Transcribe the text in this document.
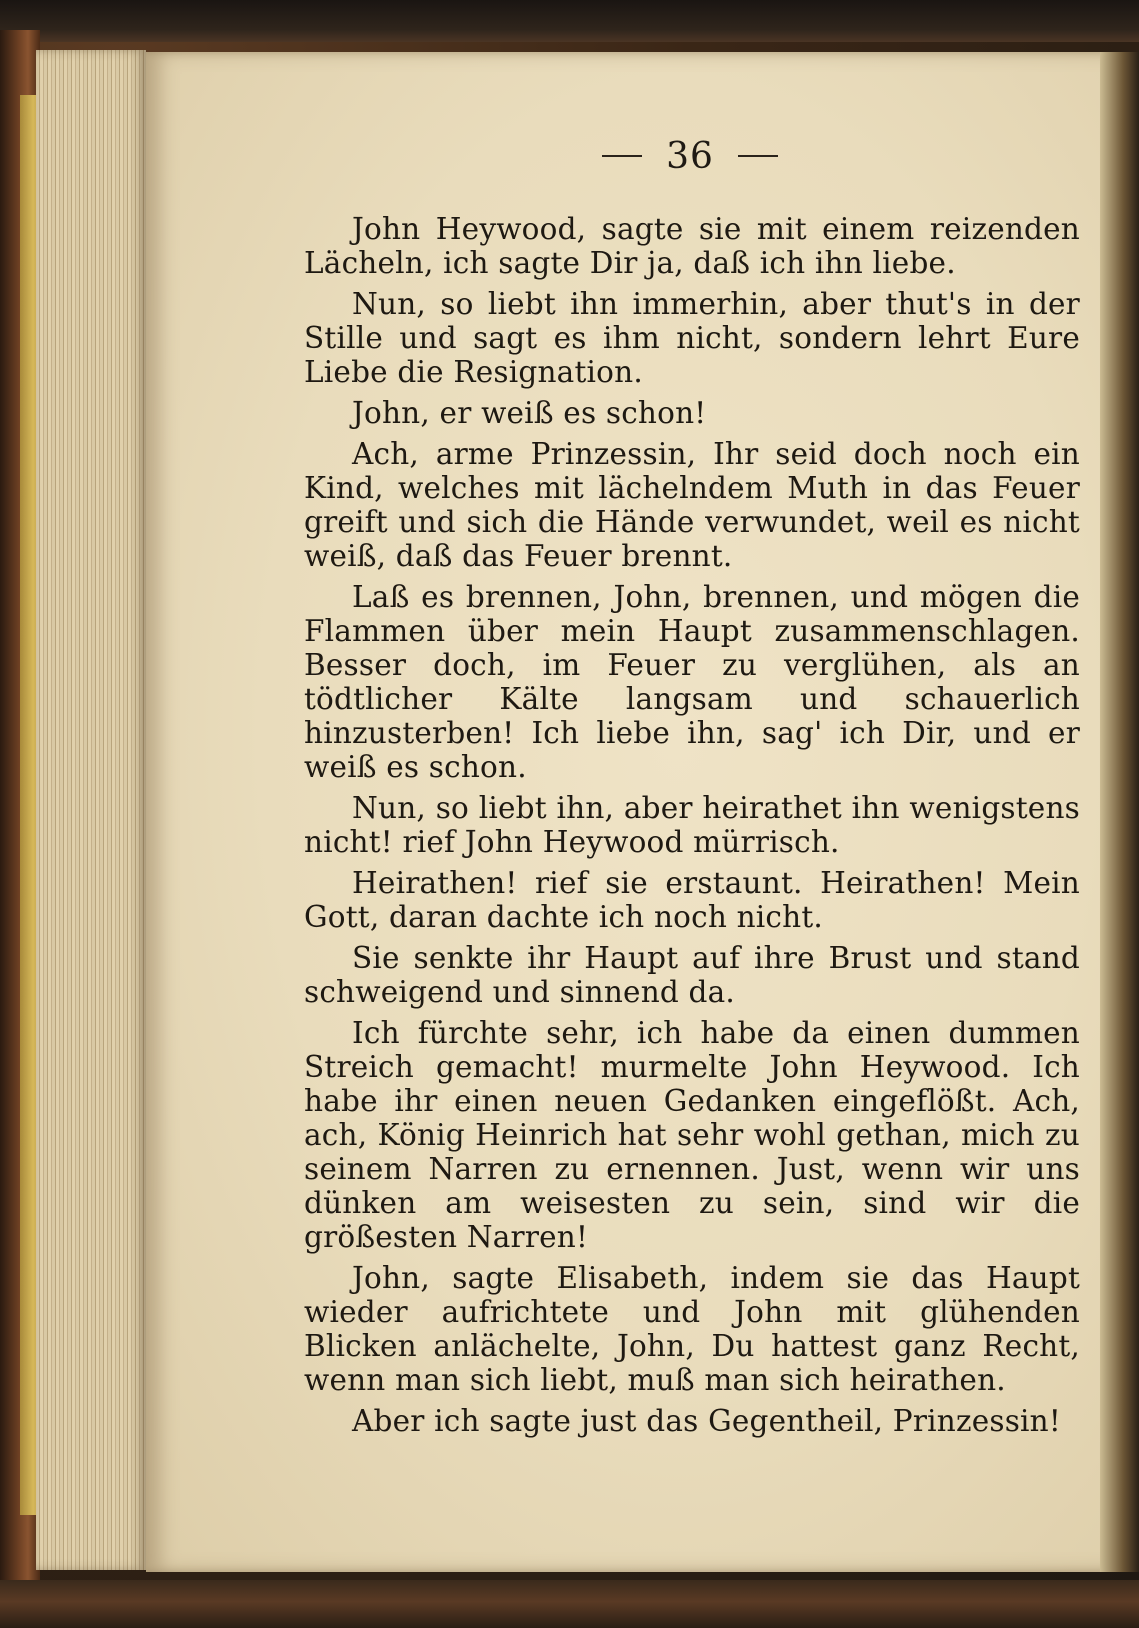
36

John Heywood, sagte sie mit einem reizenden Lächeln, ich sagte Dir ja, daß ich ihn liebe.

Nun, so liebt ihn immerhin, aber thut's in der Stille und sagt es ihm nicht, sondern lehrt Eure Liebe die Resignation.

John, er weiß es schon!

Ach, arme Prinzessin, Ihr seid doch noch ein Kind, welches mit lächelndem Muth in das Feuer greift und sich die Hände verwundet, weil es nicht weiß, daß das Feuer brennt.

Laß es brennen, John, brennen, und mögen die Flammen über mein Haupt zusammenschlagen. Besser doch, im Feuer zu verglühen, als an tödtlicher Kälte langsam und schauerlich hinzusterben! Ich liebe ihn, sag' ich Dir, und er weiß es schon.

Nun, so liebt ihn, aber heirathet ihn wenigstens nicht! rief John Heywood mürrisch.

Heirathen! rief sie erstaunt. Heirathen! Mein Gott, daran dachte ich noch nicht.

Sie senkte ihr Haupt auf ihre Brust und stand schweigend und sinnend da.

Ich fürchte sehr, ich habe da einen dummen Streich gemacht! murmelte John Heywood. Ich habe ihr einen neuen Gedanken eingeflößt. Ach, ach, König Heinrich hat sehr wohl gethan, mich zu seinem Narren zu ernennen. Just, wenn wir uns dünken am weisesten zu sein, sind wir die größesten Narren!

John, sagte Elisabeth, indem sie das Haupt wieder aufrichtete und John mit glühenden Blicken anlächelte, John, Du hattest ganz Recht, wenn man sich liebt, muß man sich heirathen.

Aber ich sagte just das Gegentheil, Prinzessin!
